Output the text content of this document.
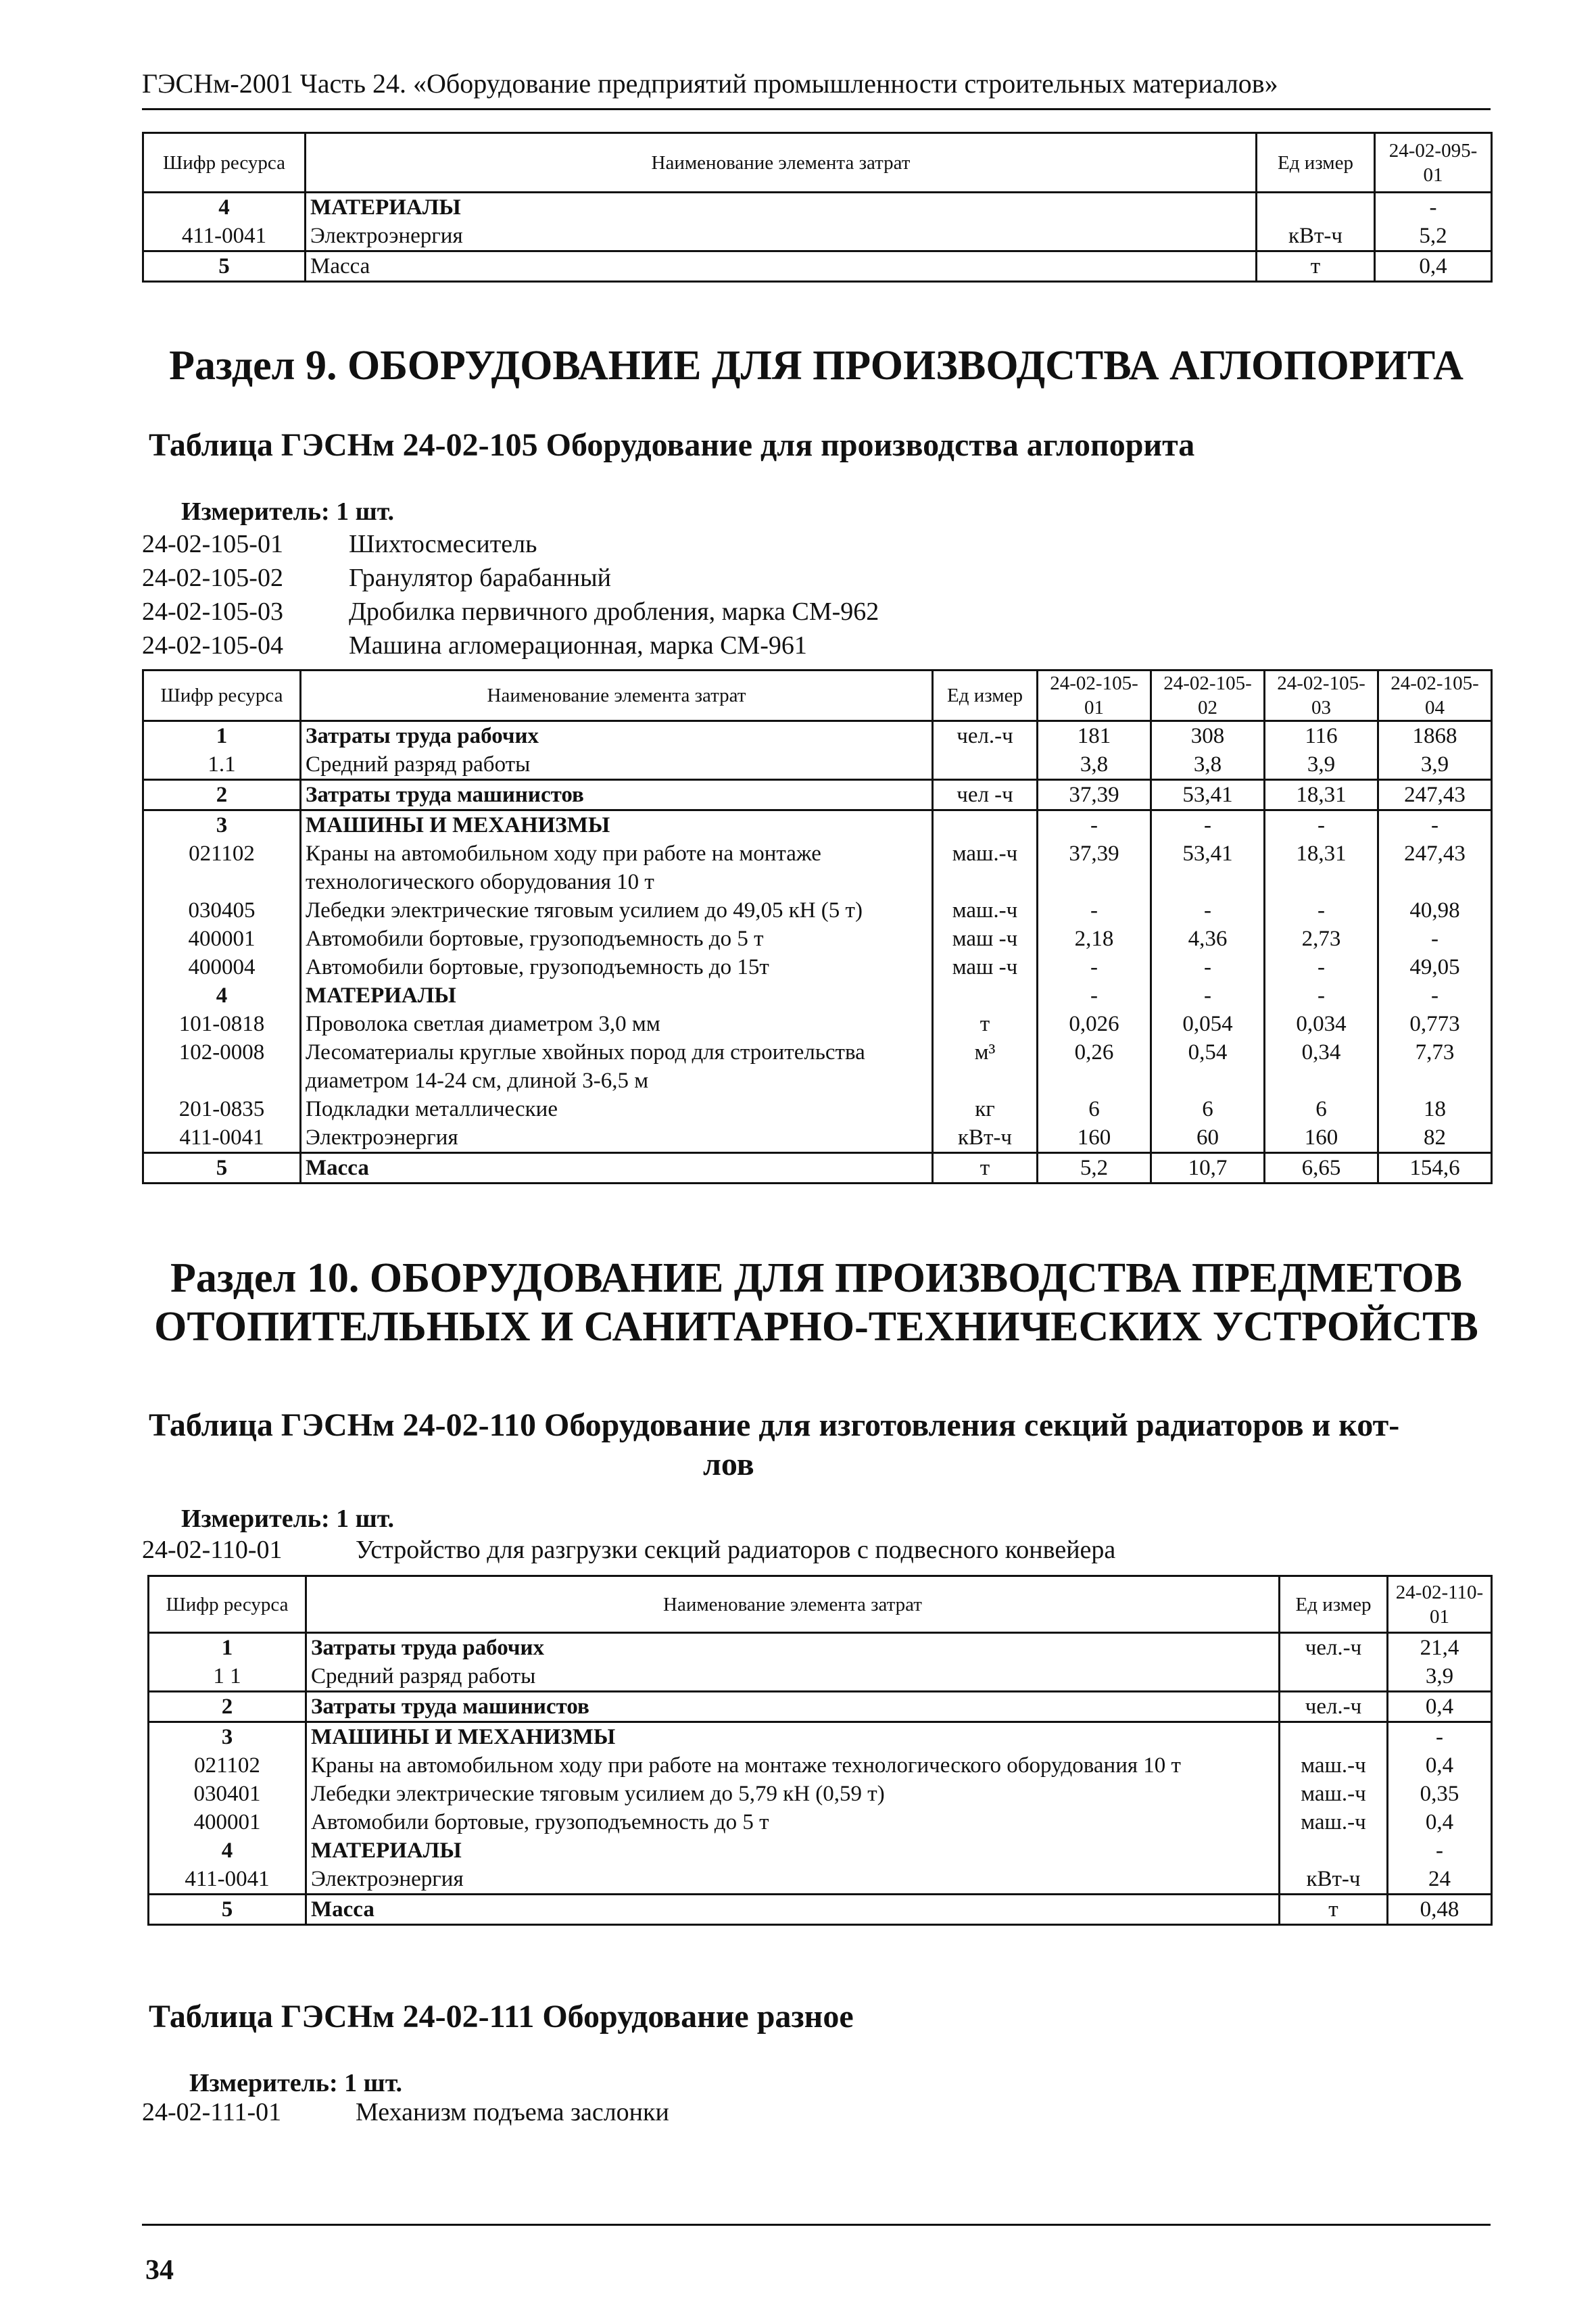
ГЭСНм-2001 Часть 24. «Оборудование предприятий промышленности строительных материалов»
Шифр ресурса	Наименование элемента затрат	Ед измер	24-02-095-01
4	МАТЕРИАЛЫ		-
411-0041	Электроэнергия	кВт-ч	5,2
5	Масса	т	0,4
Раздел 9. ОБОРУДОВАНИЕ ДЛЯ ПРОИЗВОДСТВА АГЛОПОРИТА
Таблица ГЭСНм 24-02-105 Оборудование для производства аглопорита
Измеритель: 1 шт.
24-02-105-01	Шихтосмеситель
24-02-105-02	Гранулятор барабанный
24-02-105-03	Дробилка первичного дробления, марка СМ-962
24-02-105-04	Машина агломерационная, марка СМ-961
Шифр ресурса	Наименование элемента затрат	Ед измер	24-02-105-01	24-02-105-02	24-02-105-03	24-02-105-04
1	Затраты труда рабочих	чел.-ч	181	308	116	1868
1.1	Средний разряд работы		3,8	3,8	3,9	3,9
2	Затраты труда машинистов	чел -ч	37,39	53,41	18,31	247,43
3	МАШИНЫ И МЕХАНИЗМЫ		-	-	-	-
021102	Краны на автомобильном ходу при работе на монтаже технологического оборудования 10 т	маш.-ч	37,39	53,41	18,31	247,43
030405	Лебедки электрические тяговым усилием до 49,05 кН (5 т)	маш.-ч	-	-	-	40,98
400001	Автомобили бортовые, грузоподъемность до 5 т	маш -ч	2,18	4,36	2,73	-
400004	Автомобили бортовые, грузоподъемность до 15т	маш -ч	-	-	-	49,05
4	МАТЕРИАЛЫ		-	-	-	-
101-0818	Проволока светлая диаметром 3,0 мм	т	0,026	0,054	0,034	0,773
102-0008	Лесоматериалы круглые хвойных пород для строительства диаметром 14-24 см, длиной 3-6,5 м	м³	0,26	0,54	0,34	7,73
201-0835	Подкладки металлические	кг	6	6	6	18
411-0041	Электроэнергия	кВт-ч	160	60	160	82
5	Масса	т	5,2	10,7	6,65	154,6
Раздел 10. ОБОРУДОВАНИЕ ДЛЯ ПРОИЗВОДСТВА ПРЕДМЕТОВ
ОТОПИТЕЛЬНЫХ И САНИТАРНО-ТЕХНИЧЕСКИХ УСТРОЙСТВ
Таблица ГЭСНм 24-02-110 Оборудование для изготовления секций радиаторов и кот-
лов
Измеритель: 1 шт.
24-02-110-01	Устройство для разгрузки секций радиаторов с подвесного конвейера
Шифр ресурса	Наименование элемента затрат	Ед измер	24-02-110-01
1	Затраты труда рабочих	чел.-ч	21,4
1 1	Средний разряд работы		3,9
2	Затраты труда машинистов	чел.-ч	0,4
3	МАШИНЫ И МЕХАНИЗМЫ		-
021102	Краны на автомобильном ходу при работе на монтаже технологического оборудования 10 т	маш.-ч	0,4
030401	Лебедки электрические тяговым усилием до 5,79 кН (0,59 т)	маш.-ч	0,35
400001	Автомобили бортовые, грузоподъемность до 5 т	маш.-ч	0,4
4	МАТЕРИАЛЫ		-
411-0041	Электроэнергия	кВт-ч	24
5	Масса	т	0,48
Таблица ГЭСНм 24-02-111 Оборудование разное
Измеритель: 1 шт.
24-02-111-01	Механизм подъема заслонки
34
